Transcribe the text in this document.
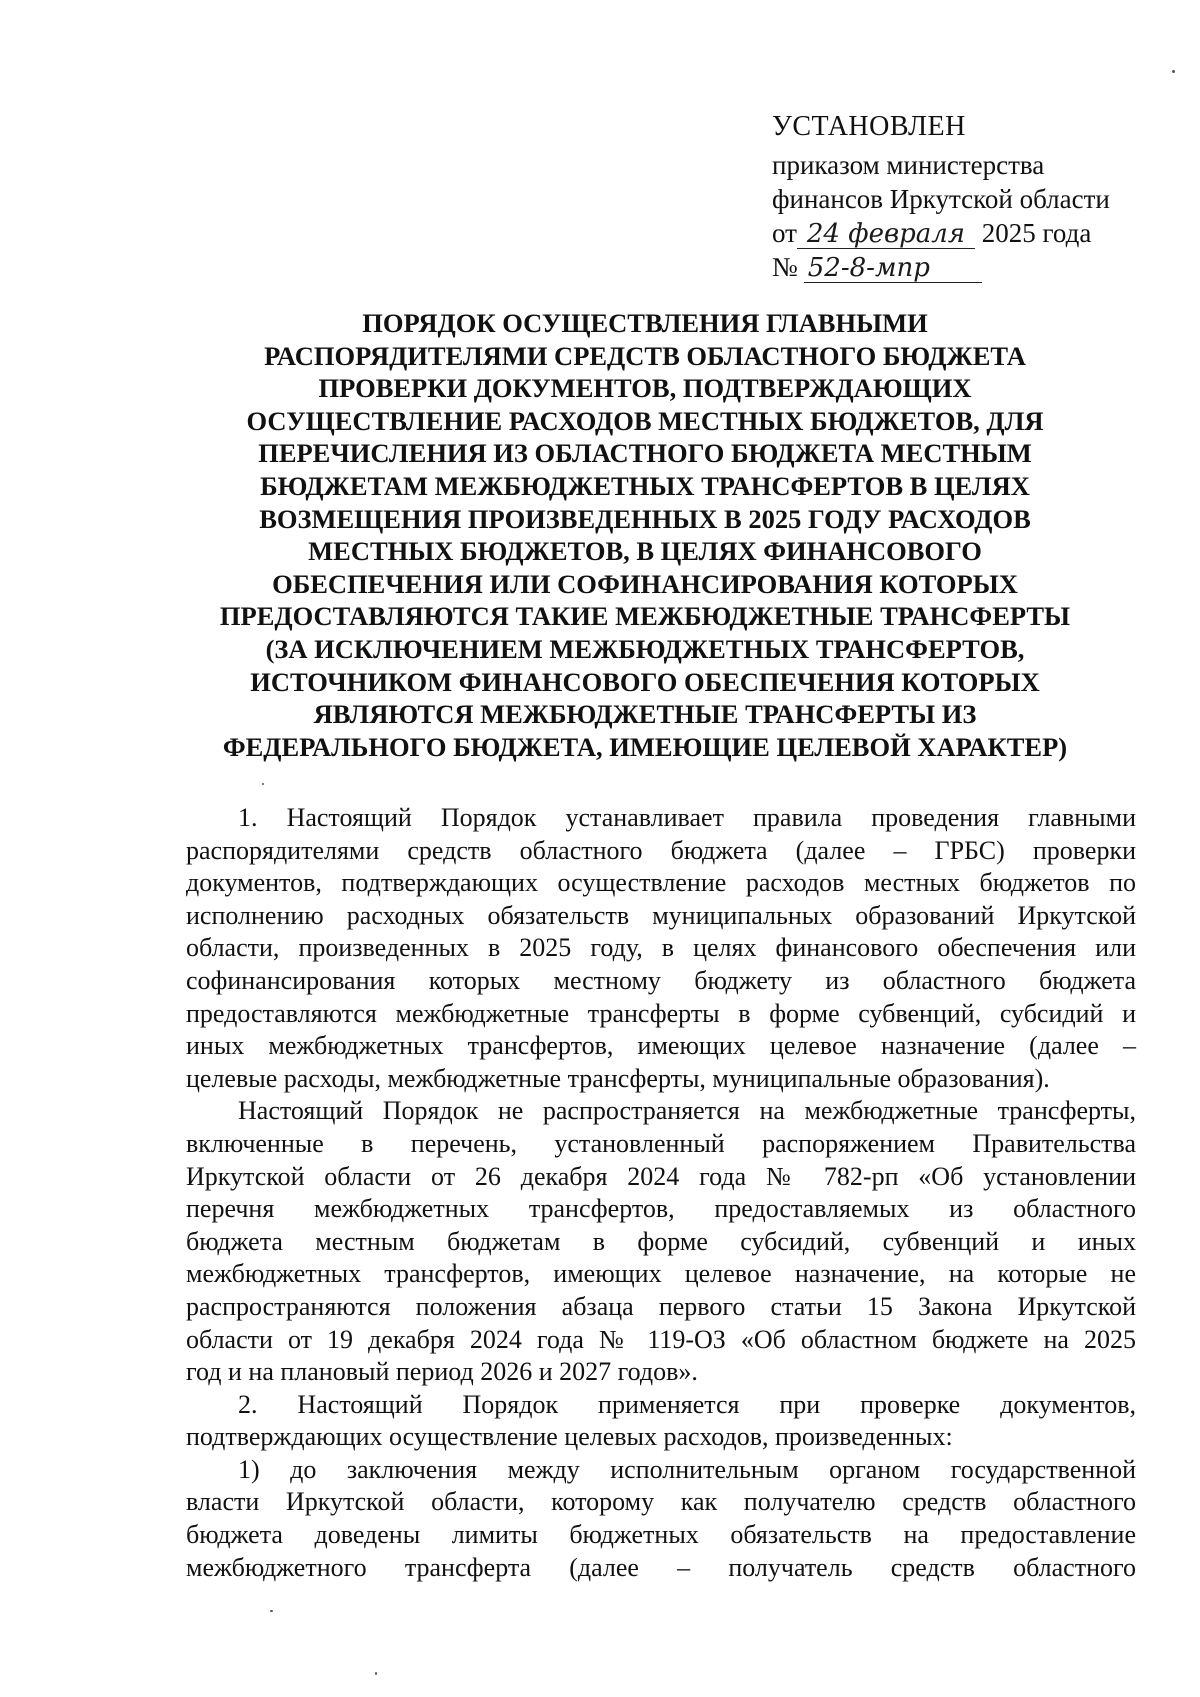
УСТАНОВЛЕН
приказом министерства
финансов Иркутской области
от 24 февраля 2025 года
№ 52-8-мпр
ПОРЯДОК ОСУЩЕСТВЛЕНИЯ ГЛАВНЫМИ
РАСПОРЯДИТЕЛЯМИ СРЕДСТВ ОБЛАСТНОГО БЮДЖЕТА
ПРОВЕРКИ ДОКУМЕНТОВ, ПОДТВЕРЖДАЮЩИХ
ОСУЩЕСТВЛЕНИЕ РАСХОДОВ МЕСТНЫХ БЮДЖЕТОВ, ДЛЯ
ПЕРЕЧИСЛЕНИЯ ИЗ ОБЛАСТНОГО БЮДЖЕТА МЕСТНЫМ
БЮДЖЕТАМ МЕЖБЮДЖЕТНЫХ ТРАНСФЕРТОВ В ЦЕЛЯХ
ВОЗМЕЩЕНИЯ ПРОИЗВЕДЕННЫХ В 2025 ГОДУ РАСХОДОВ
МЕСТНЫХ БЮДЖЕТОВ, В ЦЕЛЯХ ФИНАНСОВОГО
ОБЕСПЕЧЕНИЯ ИЛИ СОФИНАНСИРОВАНИЯ КОТОРЫХ
ПРЕДОСТАВЛЯЮТСЯ ТАКИЕ МЕЖБЮДЖЕТНЫЕ ТРАНСФЕРТЫ
(ЗА ИСКЛЮЧЕНИЕМ МЕЖБЮДЖЕТНЫХ ТРАНСФЕРТОВ,
ИСТОЧНИКОМ ФИНАНСОВОГО ОБЕСПЕЧЕНИЯ КОТОРЫХ
ЯВЛЯЮТСЯ МЕЖБЮДЖЕТНЫЕ ТРАНСФЕРТЫ ИЗ
ФЕДЕРАЛЬНОГО БЮДЖЕТА, ИМЕЮЩИЕ ЦЕЛЕВОЙ ХАРАКТЕР)

1. Настоящий Порядок устанавливает правила проведения главными
распорядителями средств областного бюджета (далее – ГРБС) проверки
документов, подтверждающих осуществление расходов местных бюджетов по
исполнению расходных обязательств муниципальных образований Иркутской
области, произведенных в 2025 году, в целях финансового обеспечения или
софинансирования которых местному бюджету из областного бюджета
предоставляются межбюджетные трансферты в форме субвенций, субсидий и
иных межбюджетных трансфертов, имеющих целевое назначение (далее –
целевые расходы, межбюджетные трансферты, муниципальные образования).

Настоящий Порядок не распространяется на межбюджетные трансферты,
включенные в перечень, установленный распоряжением Правительства
Иркутской области от 26 декабря 2024 года № 782-рп «Об установлении
перечня межбюджетных трансфертов, предоставляемых из областного
бюджета местным бюджетам в форме субсидий, субвенций и иных
межбюджетных трансфертов, имеющих целевое назначение, на которые не
распространяются положения абзаца первого статьи 15 Закона Иркутской
области от 19 декабря 2024 года № 119-ОЗ «Об областном бюджете на 2025
год и на плановый период 2026 и 2027 годов».

2. Настоящий Порядок применяется при проверке документов,
подтверждающих осуществление целевых расходов, произведенных:

1) до заключения между исполнительным органом государственной
власти Иркутской области, которому как получателю средств областного
бюджета доведены лимиты бюджетных обязательств на предоставление
межбюджетного трансферта (далее – получатель средств областного
